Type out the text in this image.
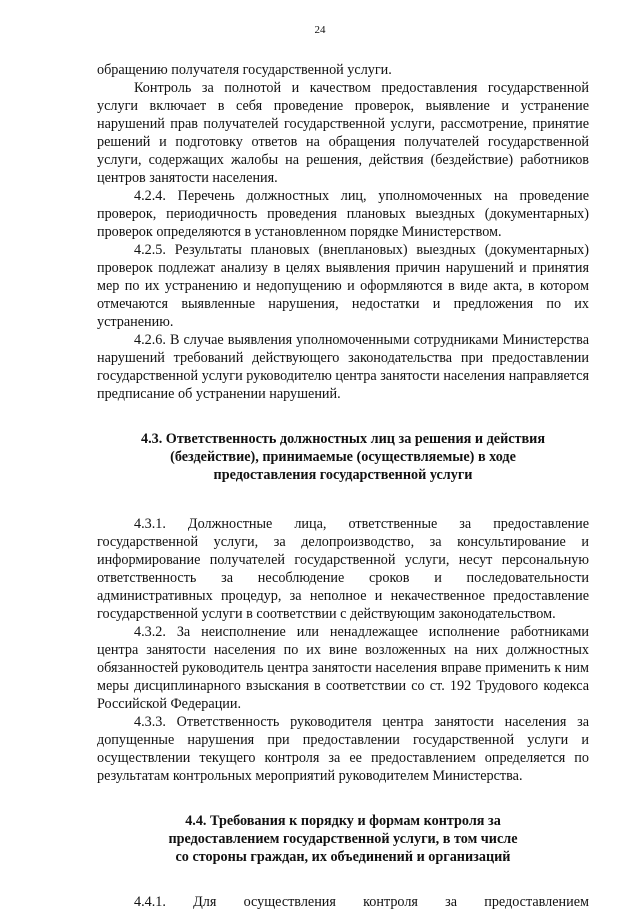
24

обращению получателя государственной услуги.

Контроль за полнотой и качеством предоставления государственной услуги включает в себя проведение проверок, выявление и устранение нарушений прав получателей государственной услуги, рассмотрение, принятие решений и подготовку ответов на обращения получателей государственной услуги, содержащих жалобы на решения, действия (бездействие) работников центров занятости населения.

4.2.4. Перечень должностных лиц, уполномоченных на проведение проверок, периодичность проведения плановых выездных (документарных) проверок определяются в установленном порядке Министерством.

4.2.5. Результаты плановых (внеплановых) выездных (документарных) проверок подлежат анализу в целях выявления причин нарушений и принятия мер по их устранению и недопущению и оформляются в виде акта, в котором отмечаются выявленные нарушения, недостатки и предложения по их устранению.

4.2.6. В случае выявления уполномоченными сотрудниками Министерства нарушений требований действующего законодательства при предоставлении государственной услуги руководителю центра занятости населения направляется предписание об устранении нарушений.

4.3. Ответственность должностных лиц за решения и действия
(бездействие), принимаемые (осуществляемые) в ходе
предоставления государственной услуги

4.3.1. Должностные лица, ответственные за предоставление государственной услуги, за делопроизводство, за консультирование и информирование получателей государственной услуги, несут персональную ответственность за несоблюдение сроков и последовательности административных процедур, за неполное и некачественное предоставление государственной услуги в соответствии с действующим законодательством.

4.3.2. За неисполнение или ненадлежащее исполнение работниками центра занятости населения по их вине возложенных на них должностных обязанностей руководитель центра занятости населения вправе применить к ним меры дисциплинарного взыскания в соответствии со ст. 192 Трудового кодекса Российской Федерации.

4.3.3. Ответственность руководителя центра занятости населения за допущенные нарушения при предоставлении государственной услуги и осуществлении текущего контроля за ее предоставлением определяется по результатам контрольных мероприятий руководителем Министерства.

4.4. Требования к порядку и формам контроля за
предоставлением государственной услуги, в том числе
со стороны граждан, их объединений и организаций

4.4.1. Для осуществления контроля за предоставлением
